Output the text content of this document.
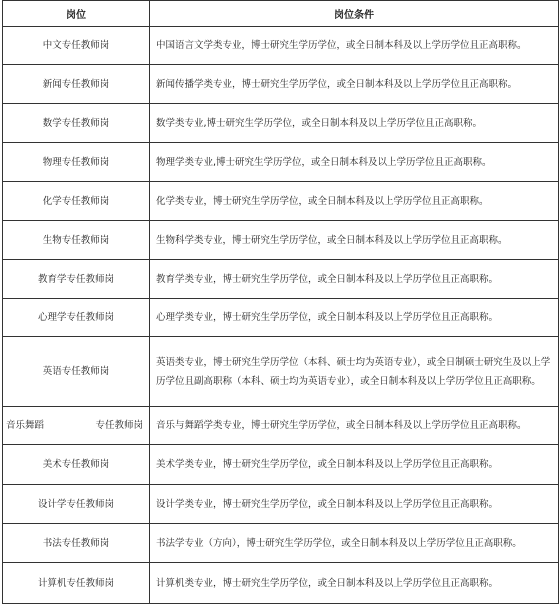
岗位	岗位条件
中文专任教师岗	中国语言文学类专业，博士研究生学历学位，或全日制本科及以上学历学位且正高职称。
新闻专任教师岗	新闻传播学类专业，博士研究生学历学位，或全日制本科及以上学历学位且正高职称。
数学专任教师岗	数学类专业,博士研究生学历学位，或全日制本科及以上学历学位且正高职称。
物理专任教师岗	物理学类专业,博士研究生学历学位，或全日制本科及以上学历学位且正高职称。
化学专任教师岗	化学类专业，博士研究生学历学位，或全日制本科及以上学历学位且正高职称。
生物专任教师岗	生物科学类专业，博士研究生学历学位，或全日制本科及以上学历学位且正高职称。
教育学专任教师岗	教育学类专业，博士研究生学历学位，或全日制本科及以上学历学位且正高职称。
心理学专任教师岗	心理学类专业，博士研究生学历学位，或全日制本科及以上学历学位且正高职称。
英语专任教师岗	英语类专业，博士研究生学历学位（本科、硕士均为英语专业），或全日制硕士研究生及以上学历学位且副高职称（本科、硕士均为英语专业），或全日制本科及以上学历学位且正高职称。

音乐舞蹈 专任教师岗	音乐与舞蹈学类专业，博士研究生学历学位，或全日制本科及以上学历学位且正高职称。
美术专任教师岗	美术学类专业，博士研究生学历学位，或全日制本科及以上学历学位且正高职称。
设计学专任教师岗	设计学类专业，博士研究生学历学位，或全日制本科及以上学历学位且正高职称。
书法专任教师岗	书法学专业（方向），博士研究生学历学位，或全日制本科及以上学历学位且正高职称。
计算机专任教师岗	计算机类专业，博士研究生学历学位，或全日制本科及以上学历学位且正高职称。
